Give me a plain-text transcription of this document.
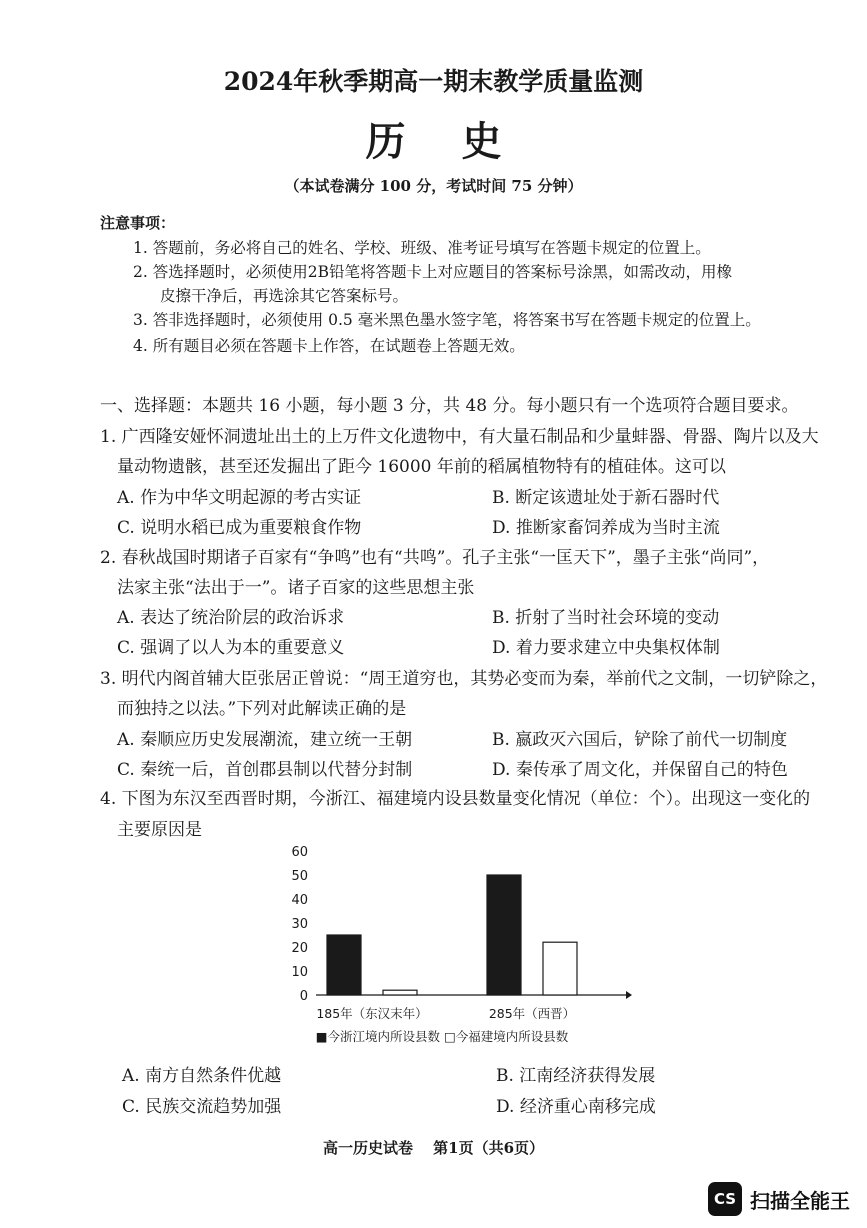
2024年秋季期高一期末教学质量监测
历史
（本试卷满分 100 分，考试时间 75 分钟）
注意事项：
1. 答题前，务必将自己的姓名、学校、班级、准考证号填写在答题卡规定的位置上。
2. 答选择题时，必须使用2B铅笔将答题卡上对应题目的答案标号涂黑，如需改动，用橡
皮擦干净后，再选涂其它答案标号。
3. 答非选择题时，必须使用 0.5 毫米黑色墨水签字笔，将答案书写在答题卡规定的位置上。
4. 所有题目必须在答题卡上作答，在试题卷上答题无效。
一、选择题：本题共 16 小题，每小题 3 分，共 48 分。每小题只有一个选项符合题目要求。
1. 广西隆安娅怀洞遗址出土的上万件文化遗物中，有大量石制品和少量蚌器、骨器、陶片以及大
量动物遗骸，甚至还发掘出了距今 16000 年前的稻属植物特有的植硅体。这可以
A. 作为中华文明起源的考古实证	B. 断定该遗址处于新石器时代
C. 说明水稻已成为重要粮食作物	D. 推断家畜饲养成为当时主流
2. 春秋战国时期诸子百家有“争鸣”也有“共鸣”。孔子主张“一匡天下”，墨子主张“尚同”，
法家主张“法出于一”。诸子百家的这些思想主张
A. 表达了统治阶层的政治诉求	B. 折射了当时社会环境的变动
C. 强调了以人为本的重要意义	D. 着力要求建立中央集权体制
3. 明代内阁首辅大臣张居正曾说：“周王道穷也，其势必变而为秦，举前代之文制，一切铲除之，
而独持之以法。”下列对此解读正确的是
A. 秦顺应历史发展潮流，建立统一王朝	B. 嬴政灭六国后，铲除了前代一切制度
C. 秦统一后，首创郡县制以代替分封制	D. 秦传承了周文化，并保留自己的特色
4. 下图为东汉至西晋时期，今浙江、福建境内设县数量变化情况（单位：个）。出现这一变化的
主要原因是
0
10
20
30
40
50
60
185年（东汉末年）	285年（西晋）
■今浙江境内所设县数 □今福建境内所设县数
A. 南方自然条件优越	B. 江南经济获得发展
C. 民族交流趋势加强	D. 经济重心南移完成
高一历史试卷　 第1页（共6页）
CS 扫描全能王
